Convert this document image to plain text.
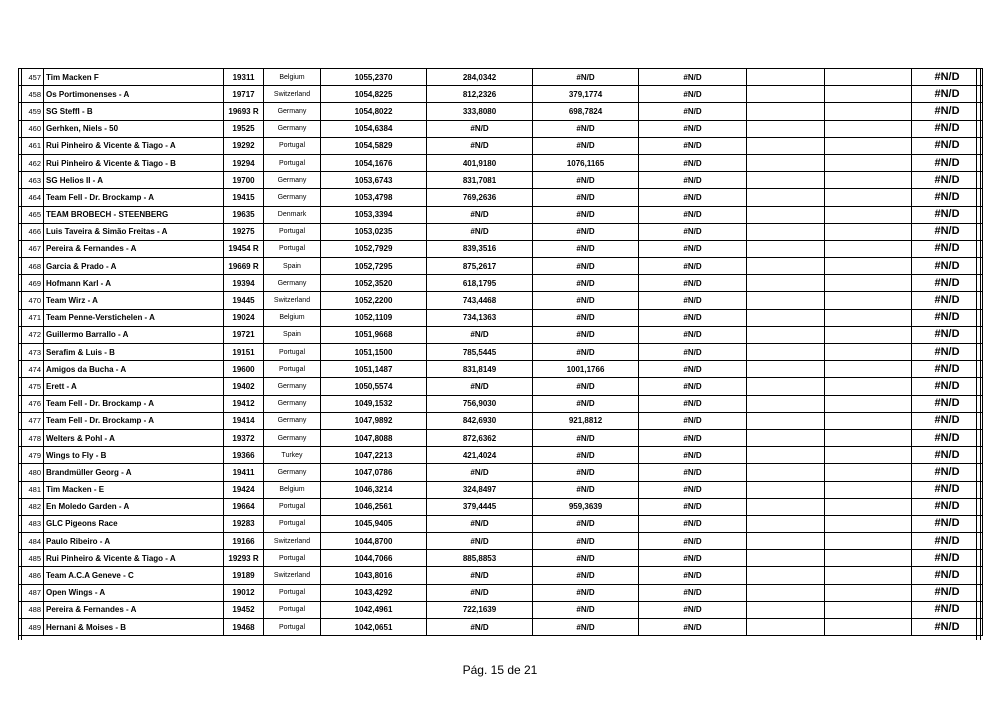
457	Tim Macken F	19311	Belgium	1055,2370	284,0342	#N/D	#N/D			#N/D
458	Os Portimonenses - A	19717	Switzerland	1054,8225	812,2326	379,1774	#N/D			#N/D
459	SG Steffl - B	19693 R	Germany	1054,8022	333,8080	698,7824	#N/D			#N/D
460	Gerhken, Niels - 50	19525	Germany	1054,6384	#N/D	#N/D	#N/D			#N/D
461	Rui Pinheiro & Vicente & Tiago - A	19292	Portugal	1054,5829	#N/D	#N/D	#N/D			#N/D
462	Rui Pinheiro & Vicente & Tiago - B	19294	Portugal	1054,1676	401,9180	1076,1165	#N/D			#N/D
463	SG Helios II - A	19700	Germany	1053,6743	831,7081	#N/D	#N/D			#N/D
464	Team Fell - Dr. Brockamp - A	19415	Germany	1053,4798	769,2636	#N/D	#N/D			#N/D
465	TEAM BROBECH - STEENBERG	19635	Denmark	1053,3394	#N/D	#N/D	#N/D			#N/D
466	Luis Taveira & Simão Freitas - A	19275	Portugal	1053,0235	#N/D	#N/D	#N/D			#N/D
467	Pereira & Fernandes - A	19454 R	Portugal	1052,7929	839,3516	#N/D	#N/D			#N/D
468	Garcia & Prado - A	19669 R	Spain	1052,7295	875,2617	#N/D	#N/D			#N/D
469	Hofmann Karl - A	19394	Germany	1052,3520	618,1795	#N/D	#N/D			#N/D
470	Team Wirz - A	19445	Switzerland	1052,2200	743,4468	#N/D	#N/D			#N/D
471	Team Penne-Verstichelen - A	19024	Belgium	1052,1109	734,1363	#N/D	#N/D			#N/D
472	Guillermo Barrallo - A	19721	Spain	1051,9668	#N/D	#N/D	#N/D			#N/D
473	Serafim & Luis - B	19151	Portugal	1051,1500	785,5445	#N/D	#N/D			#N/D
474	Amigos da Bucha - A	19600	Portugal	1051,1487	831,8149	1001,1766	#N/D			#N/D
475	Erett - A	19402	Germany	1050,5574	#N/D	#N/D	#N/D			#N/D
476	Team Fell - Dr. Brockamp - A	19412	Germany	1049,1532	756,9030	#N/D	#N/D			#N/D
477	Team Fell - Dr. Brockamp - A	19414	Germany	1047,9892	842,6930	921,8812	#N/D			#N/D
478	Welters & Pohl - A	19372	Germany	1047,8088	872,6362	#N/D	#N/D			#N/D
479	Wings to Fly - B	19366	Turkey	1047,2213	421,4024	#N/D	#N/D			#N/D
480	Brandmüller Georg - A	19411	Germany	1047,0786	#N/D	#N/D	#N/D			#N/D
481	Tim Macken - E	19424	Belgium	1046,3214	324,8497	#N/D	#N/D			#N/D
482	En Moledo Garden - A	19664	Portugal	1046,2561	379,4445	959,3639	#N/D			#N/D
483	GLC Pigeons Race	19283	Portugal	1045,9405	#N/D	#N/D	#N/D			#N/D
484	Paulo Ribeiro - A	19166	Switzerland	1044,8700	#N/D	#N/D	#N/D			#N/D
485	Rui Pinheiro & Vicente & Tiago - A	19293 R	Portugal	1044,7066	885,8853	#N/D	#N/D			#N/D
486	Team A.C.A Geneve - C	19189	Switzerland	1043,8016	#N/D	#N/D	#N/D			#N/D
487	Open Wings - A	19012	Portugal	1043,4292	#N/D	#N/D	#N/D			#N/D
488	Pereira & Fernandes - A	19452	Portugal	1042,4961	722,1639	#N/D	#N/D			#N/D
489	Hernani & Moises - B	19468	Portugal	1042,0651	#N/D	#N/D	#N/D			#N/D
Pág. 15 de 21
